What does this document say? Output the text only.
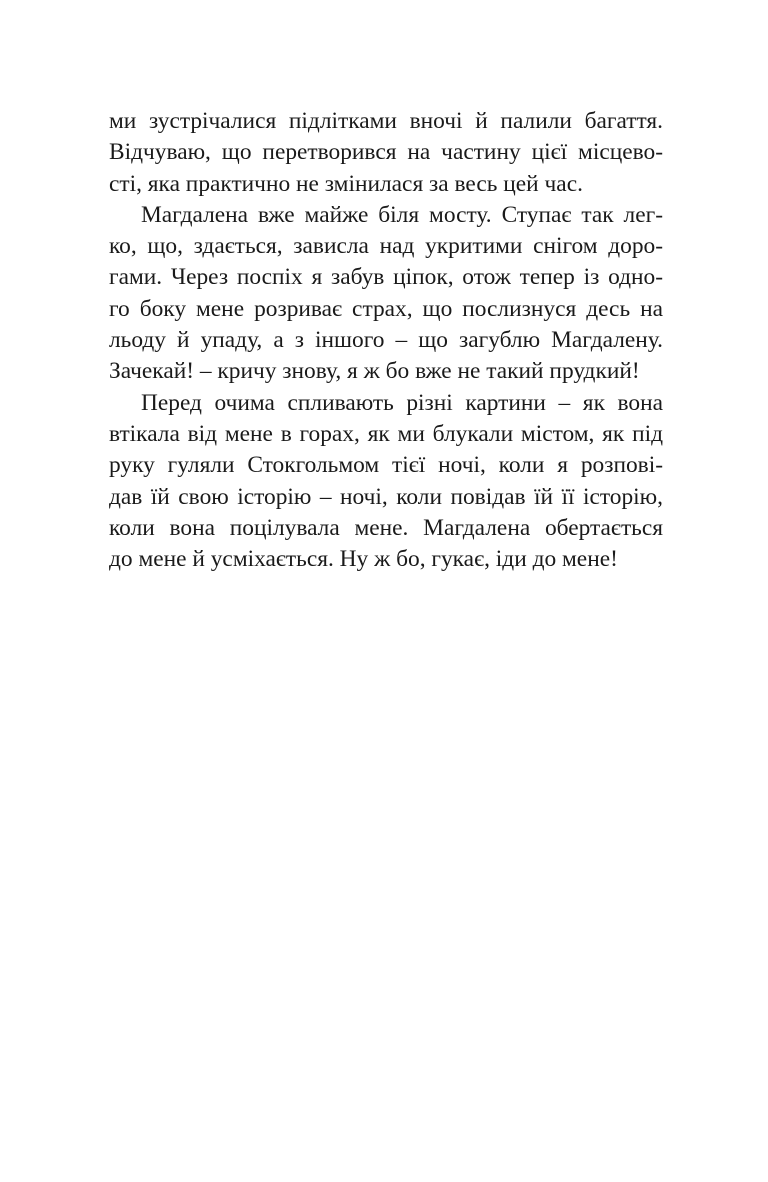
ми зустрічалися підлітками вночі й палили багаття.
Відчуваю, що перетворився на частину цієї місцево-
сті, яка практично не змінилася за весь цей час.

Магдалена вже майже біля мосту. Ступає так лег-
ко, що, здається, зависла над укритими снігом доро-
гами. Через поспіх я забув ціпок, отож тепер із одно-
го боку мене розриває страх, що послизнуся десь на
льоду й упаду, а з іншого – що загублю Магдалену.
Зачекай! – кричу знову, я ж бо вже не такий прудкий!

Перед очима спливають різні картини – як вона
втікала від мене в горах, як ми блукали містом, як під
руку гуляли Стокгольмом тієї ночі, коли я розпові-
дав їй свою історію – ночі, коли повідав їй її історію,
коли вона поцілувала мене. Магдалена обертається
до мене й усміхається. Ну ж бо, гукає, іди до мене!
